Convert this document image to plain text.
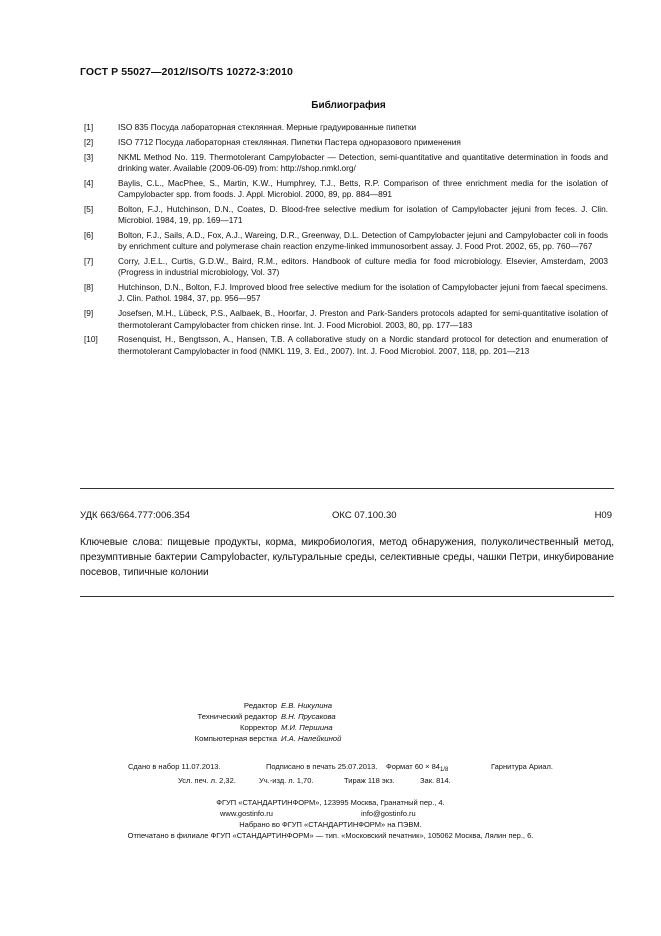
ГОСТ Р 55027—2012/ISO/TS 10272-3:2010
Библиография
[1]	ISO 835 Посуда лабораторная стеклянная. Мерные градуированные пипетки
[2]	ISO 7712 Посуда лабораторная стеклянная. Пипетки Пастера одноразового применения
[3]	NKML Method No. 119. Thermotolerant Campylobacter — Detection, semi-quantitative and quantitative determination in foods and drinking water. Available (2009-06-09) from: http://shop.nmkl.org/
[4]	Baylis, C.L., MacPhee, S., Martin, K.W., Humphrey, T.J., Betts, R.P. Comparison of three enrichment media for the isolation of Campylobacter spp. from foods. J. Appl. Microbiol. 2000, 89, pp. 884—891
[5]	Bolton, F.J., Hutchinson, D.N., Coates, D. Blood-free selective medium for isolation of Campylobacter jejuni from feces. J. Clin. Microbiol. 1984, 19, pp. 169—171
[6]	Bolton, F.J., Sails, A.D., Fox, A.J., Wareing, D.R., Greenway, D.L. Detection of Campylobacter jejuni and Campylobacter coli in foods by enrichment culture and polymerase chain reaction enzyme-linked immunosorbent assay. J. Food Prot. 2002, 65, pp. 760—767
[7]	Corry, J.E.L., Curtis, G.D.W., Baird, R.M., editors. Handbook of culture media for food microbiology. Elsevier, Amsterdam, 2003 (Progress in industrial microbiology, Vol. 37)
[8]	Hutchinson, D.N., Bolton, F.J. Improved blood free selective medium for the isolation of Campylobacter jejuni from faecal specimens. J. Clin. Pathol. 1984, 37, pp. 956—957
[9]	Josefsen, M.H., Lübeck, P.S., Aalbaek, B., Hoorfar, J. Preston and Park-Sanders protocols adapted for semi-quantitative isolation of thermotolerant Campylobacter from chicken rinse. Int. J. Food Microbiol. 2003, 80, pp. 177—183
[10] Rosenquist, H., Bengtsson, A., Hansen, T.B. A collaborative study on a Nordic standard protocol for detection and enumeration of thermotolerant Campylobacter in food (NMKL 119, 3. Ed., 2007). Int. J. Food Microbiol. 2007, 118, pp. 201—213
УДК 663/664.777:006.354	ОКС 07.100.30	H09
Ключевые слова: пищевые продукты, корма, микробиология, метод обнаружения, полуколичественный метод, презумптивные бактерии Campylobacter, культуральные среды, селективные среды, чашки Петри, инкубирование посевов, типичные колонии
Редактор Е.В. Никулина
Технический редактор В.Н. Прусакова
Корректор М.И. Першина
Компьютерная верстка И.А. Налейкиной
Сдано в набор 11.07.2013.	Подписано в печать 25.07.2013. Формат $60 \times 84_{1/8}$	Гарнитура Ариал.
Усл. печ. л. 2,32.	Уч.-изд. л. 1,70.	Тираж 118 экз.	Зак. 814.
ФГУП «СТАНДАРТИНФОРМ», 123995 Москва, Гранатный пер., 4.
www.gostinfo.ru	info@gostinfo.ru
Набрано во ФГУП «СТАНДАРТИНФОРМ» на ПЭВМ.
Отпечатано в филиале ФГУП «СТАНДАРТИНФОРМ» — тип. «Московский печатник», 105062 Москва, Лялин пер., 6.
